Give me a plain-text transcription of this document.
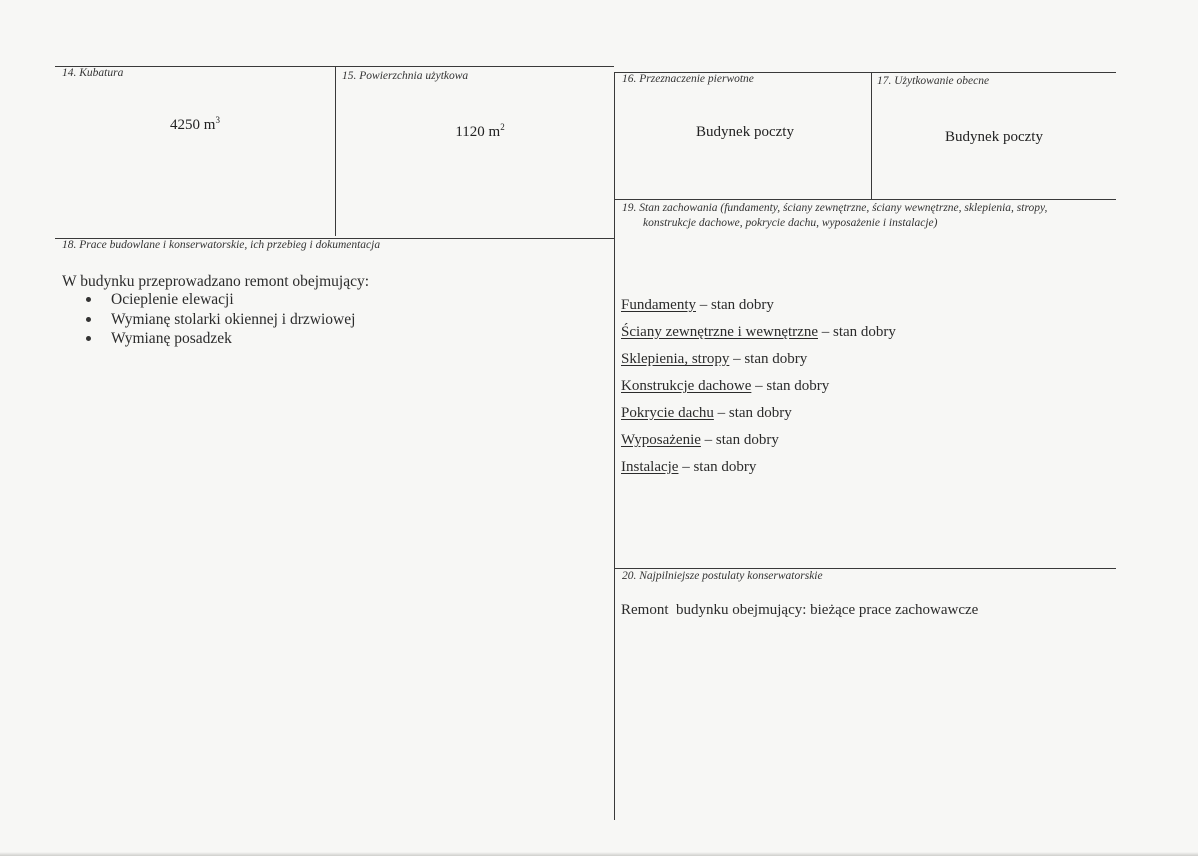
14. Kubatura
4250 $m^3$
15. Powierzchnia użytkowa
1120 $m^2$
16. Przeznaczenie pierwotne
Budynek poczty
17. Użytkowanie obecne
Budynek poczty
19. Stan zachowania (fundamenty, ściany zewnętrzne, ściany wewnętrzne, sklepienia, stropy,
konstrukcje dachowe, pokrycie dachu, wyposażenie i instalacje)
Fundamenty – stan dobry
Ściany zewnętrzne i wewnętrzne – stan dobry
Sklepienia, stropy – stan dobry
Konstrukcje dachowe – stan dobry
Pokrycie dachu – stan dobry
Wyposażenie – stan dobry
Instalacje – stan dobry
18. Prace budowlane i konserwatorskie, ich przebieg i dokumentacja
W budynku przeprowadzano remont obejmujący:
Ocieplenie elewacji
Wymianę stolarki okiennej i drzwiowej
Wymianę posadzek
20. Najpilniejsze postulaty konserwatorskie
Remont  budynku obejmujący: bieżące prace zachowawcze
